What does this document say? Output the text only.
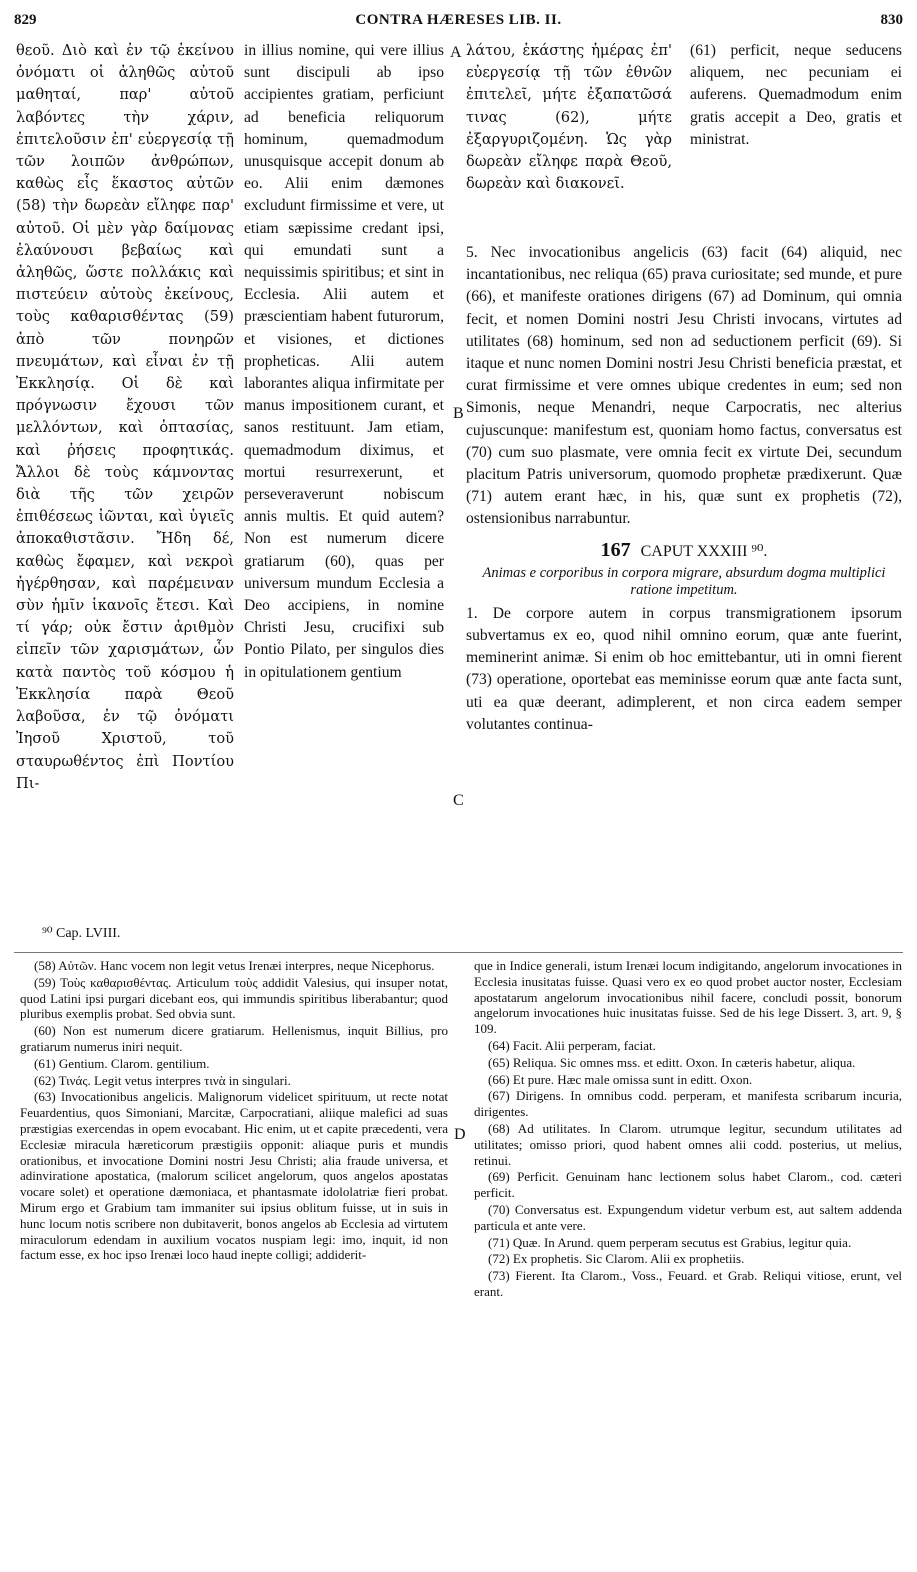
829	CONTRA HÆRESES LIB. II.	830

θεοῦ. Διὸ καὶ ἐν τῷ ἐκείνου ὀνόματι οἱ ἀληθῶς αὐτοῦ μαθηταί, παρ' αὐτοῦ λαβόντες τὴν χάριν, ἐπιτελοῦσιν ἐπ' εὐεργεσίᾳ τῇ τῶν λοιπῶν ἀνθρώπων, καθὼς εἷς ἕκαστος αὐτῶν (58) τὴν δωρεὰν εἴληφε παρ' αὐτοῦ. Οἱ μὲν γὰρ δαίμονας ἐλαύνουσι βεβαίως καὶ ἀληθῶς, ὥστε πολλάκις καὶ πιστεύειν αὐτοὺς ἐκείνους, τοὺς καθαρισθέντας (59) ἀπὸ τῶν πονηρῶν πνευμάτων, καὶ εἶναι ἐν τῇ Ἐκκλησίᾳ. Οἱ δὲ καὶ πρόγνωσιν ἔχουσι τῶν μελλόντων, καὶ ὀπτασίας, καὶ ῥήσεις προφητικάς. Ἄλλοι δὲ τοὺς κάμνοντας διὰ τῆς τῶν χειρῶν ἐπιθέσεως ἰῶνται, καὶ ὑγιεῖς ἀποκαθιστᾶσιν. Ἤδη δέ, καθὼς ἔφαμεν, καὶ νεκροὶ ἠγέρθησαν, καὶ παρέμειναν σὺν ἡμῖν ἱκανοῖς ἔτεσι. Καὶ τί γάρ; οὐκ ἔστιν ἀριθμὸν εἰπεῖν τῶν χαρισμάτων, ὧν κατὰ παντὸς τοῦ κόσμου ἡ Ἐκκλησία παρὰ Θεοῦ λαβοῦσα, ἐν τῷ ὀνόματι Ἰησοῦ Χριστοῦ, τοῦ σταυρωθέντος ἐπὶ Ποντίου Πι-

in illius nomine, qui vere illius sunt discipuli ab ipso accipientes gratiam, perficiunt ad beneficia reliquorum hominum, quemadmodum unusquisque accepit donum ab eo. Alii enim dæmones excludunt firmissime et vere, ut etiam sæpissime credant ipsi, qui emundati sunt a nequissimis spiritibus; et sint in Ecclesia. Alii autem et præscientiam habent futurorum, et visiones, et dictiones propheticas. Alii autem laborantes aliqua infirmitate per manus impositionem curant, et sanos restituunt. Jam etiam, quemadmodum diximus, et mortui resurrexerunt, et perseveraverunt nobiscum annis multis. Et quid autem? Non est numerum dicere gratiarum (60), quas per universum mundum Ecclesia a Deo accipiens, in nomine Christi Jesu, crucifixi sub Pontio Pilato, per singulos dies in opitulationem gentium

A
B
C
D

λάτου, ἑκάστης ἡμέρας ἐπ' εὐεργεσίᾳ τῇ τῶν ἐθνῶν ἐπιτελεῖ, μήτε ἐξαπατῶσά τινας (62), μήτε ἐξαργυριζομένη. Ὡς γὰρ δωρεὰν εἴληφε παρὰ Θεοῦ, δωρεὰν καὶ διακονεῖ.

(61) perficit, neque seducens aliquem, nec pecuniam ei auferens. Quemadmodum enim gratis accepit a Deo, gratis et ministrat.

5. Nec invocationibus angelicis (63) facit (64) aliquid, nec incantationibus, nec reliqua (65) prava curiositate; sed munde, et pure (66), et manifeste orationes dirigens (67) ad Dominum, qui omnia fecit, et nomen Domini nostri Jesu Christi invocans, virtutes ad utilitates (68) hominum, sed non ad seductionem perficit (69). Si itaque et nunc nomen Domini nostri Jesu Christi beneficia præstat, et curat firmissime et vere omnes ubique credentes in eum; sed non Simonis, neque Menandri, neque Carpocratis, nec alterius cujuscunque: manifestum est, quoniam homo factus, conversatus est (70) cum suo plasmate, vere omnia fecit ex virtute Dei, secundum placitum Patris universorum, quomodo prophetæ prædixerunt. Quæ (71) autem erant hæc, in his, quæ sunt ex prophetis (72), ostensionibus narrabuntur.

167 CAPUT XXXIII ⁹⁰.
Animas e corporibus in corpora migrare, absurdum dogma multiplici ratione impetitum.

1. De corpore autem in corpus transmigrationem ipsorum subvertamus ex eo, quod nihil omnino eorum, quæ ante fuerint, meminerint animæ. Si enim ob hoc emittebantur, uti in omni fierent (73) operatione, oportebat eas meminisse eorum quæ ante facta sunt, uti ea quæ deerant, adimplerent, et non circa eadem semper volutantes continua-

⁹⁰ Cap. LVIII.

(58) Αὐτῶν. Hanc vocem non legit vetus Irenæi interpres, neque Nicephorus.

(59) Τοὺς καθαρισθέντας. Articulum τοὺς addidit Valesius, qui insuper notat, quod Latini ipsi purgari dicebant eos, qui immundis spiritibus liberabantur; quod pluribus exemplis probat. Sed obvia sunt.

(60) Non est numerum dicere gratiarum. Hellenismus, inquit Billius, pro gratiarum numerus iniri nequit.

(61) Gentium. Clarom. gentilium.

(62) Τινάς. Legit vetus interpres τινὰ in singulari.

(63) Invocationibus angelicis. Malignorum videlicet spirituum, ut recte notat Feuardentius, quos Simoniani, Marcitæ, Carpocratiani, aliique malefici ad suas præstigias exercendas in opem evocabant. Hic enim, ut et capite præcedenti, vera Ecclesiæ miracula hæreticorum præstigiis opponit: aliaque puris et mundis orationibus, et invocatione Domini nostri Jesu Christi; alia fraude universa, et adinvirationе apostatica, (malorum scilicet angelorum, quos angelos apostatas vocare solet) et operatione dæmoniaca, et phantasmate idololatriæ fieri probat. Mirum ergo et Grabium tam immaniter sui ipsius oblitum fuisse, ut in suis in hunc locum notis scribere non dubitaverit, bonos angelos ab Ecclesia ad virtutem miraculorum edendam in auxilium vocatos nuspiam legi: imo, inquit, id non factum esse, ex hoc ipso Irenæi loco haud inepte colligi; addiderit-

que in Indice generali, istum Irenæi locum indigitando, angelorum invocationes in Ecclesia inusitatas fuisse. Quasi vero ex eo quod probet auctor noster, Ecclesiam apostatarum angelorum invocationibus nihil facere, concludi possit, bonorum angelorum invocationes huic inusitatas fuisse. Sed de his lege Dissert. 3, art. 9, § 109.

(64) Facit. Alii perperam, faciat.

(65) Reliqua. Sic omnes mss. et editt. Oxon. In cæteris habetur, aliqua.

(66) Et pure. Hæc male omissa sunt in editt. Oxon.

(67) Dirigens. In omnibus codd. perperam, et manifesta scribarum incuria, dirigentes.

(68) Ad utilitates. In Clarom. utrumque legitur, secundum utilitates ad utilitates; omisso priori, quod habent omnes alii codd. posterius, ut melius, retinui.

(69) Perficit. Genuinam hanc lectionem solus habet Clarom., cod. cæteri perficit.

(70) Conversatus est. Expungendum videtur verbum est, aut saltem addenda particula et ante vere.

(71) Quæ. In Arund. quem perperam secutus est Grabius, legitur quia.

(72) Ex prophetis. Sic Clarom. Alii ex prophetiis.

(73) Fierent. Ita Clarom., Voss., Feuard. et Grab. Reliqui vitiose, erunt, vel erant.
